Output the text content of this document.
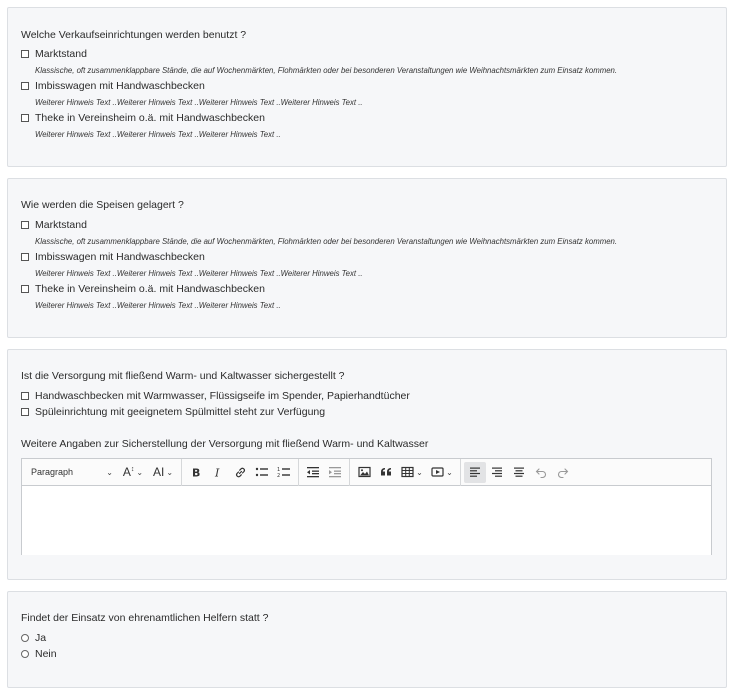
Welche Verkaufseinrichtungen werden benutzt ?
Marktstand
Klassische, oft zusammenklappbare Stände, die auf Wochenmärkten, Flohmärkten oder bei besonderen Veranstaltungen wie Weihnachtsmärkten zum Einsatz kommen.
Imbisswagen mit Handwaschbecken
Weiterer Hinweis Text ..Weiterer Hinweis Text ..Weiterer Hinweis Text ..Weiterer Hinweis Text ..
Theke in Vereinsheim o.ä. mit Handwaschbecken
Weiterer Hinweis Text ..Weiterer Hinweis Text ..Weiterer Hinweis Text ..
Wie werden die Speisen gelagert ?
Marktstand
Klassische, oft zusammenklappbare Stände, die auf Wochenmärkten, Flohmärkten oder bei besonderen Veranstaltungen wie Weihnachtsmärkten zum Einsatz kommen.
Imbisswagen mit Handwaschbecken
Weiterer Hinweis Text ..Weiterer Hinweis Text ..Weiterer Hinweis Text ..Weiterer Hinweis Text ..
Theke in Vereinsheim o.ä. mit Handwaschbecken
Weiterer Hinweis Text ..Weiterer Hinweis Text ..Weiterer Hinweis Text ..
Ist die Versorgung mit fließend Warm- und Kaltwasser sichergestellt ?
Handwaschbecken mit Warmwasser, Flüssigseife im Spender, Papierhandtücher
Spüleinrichtung mit geeignetem Spülmittel steht zur Verfügung
Weitere Angaben zur Sicherstellung der Versorgung mit fließend Warm- und Kaltwasser
Paragraph	⌄ A ↕ ⌄ AI ⌄ B I	1
2	⌄	⌄
Findet der Einsatz von ehrenamtlichen Helfern statt ?
Ja
Nein
